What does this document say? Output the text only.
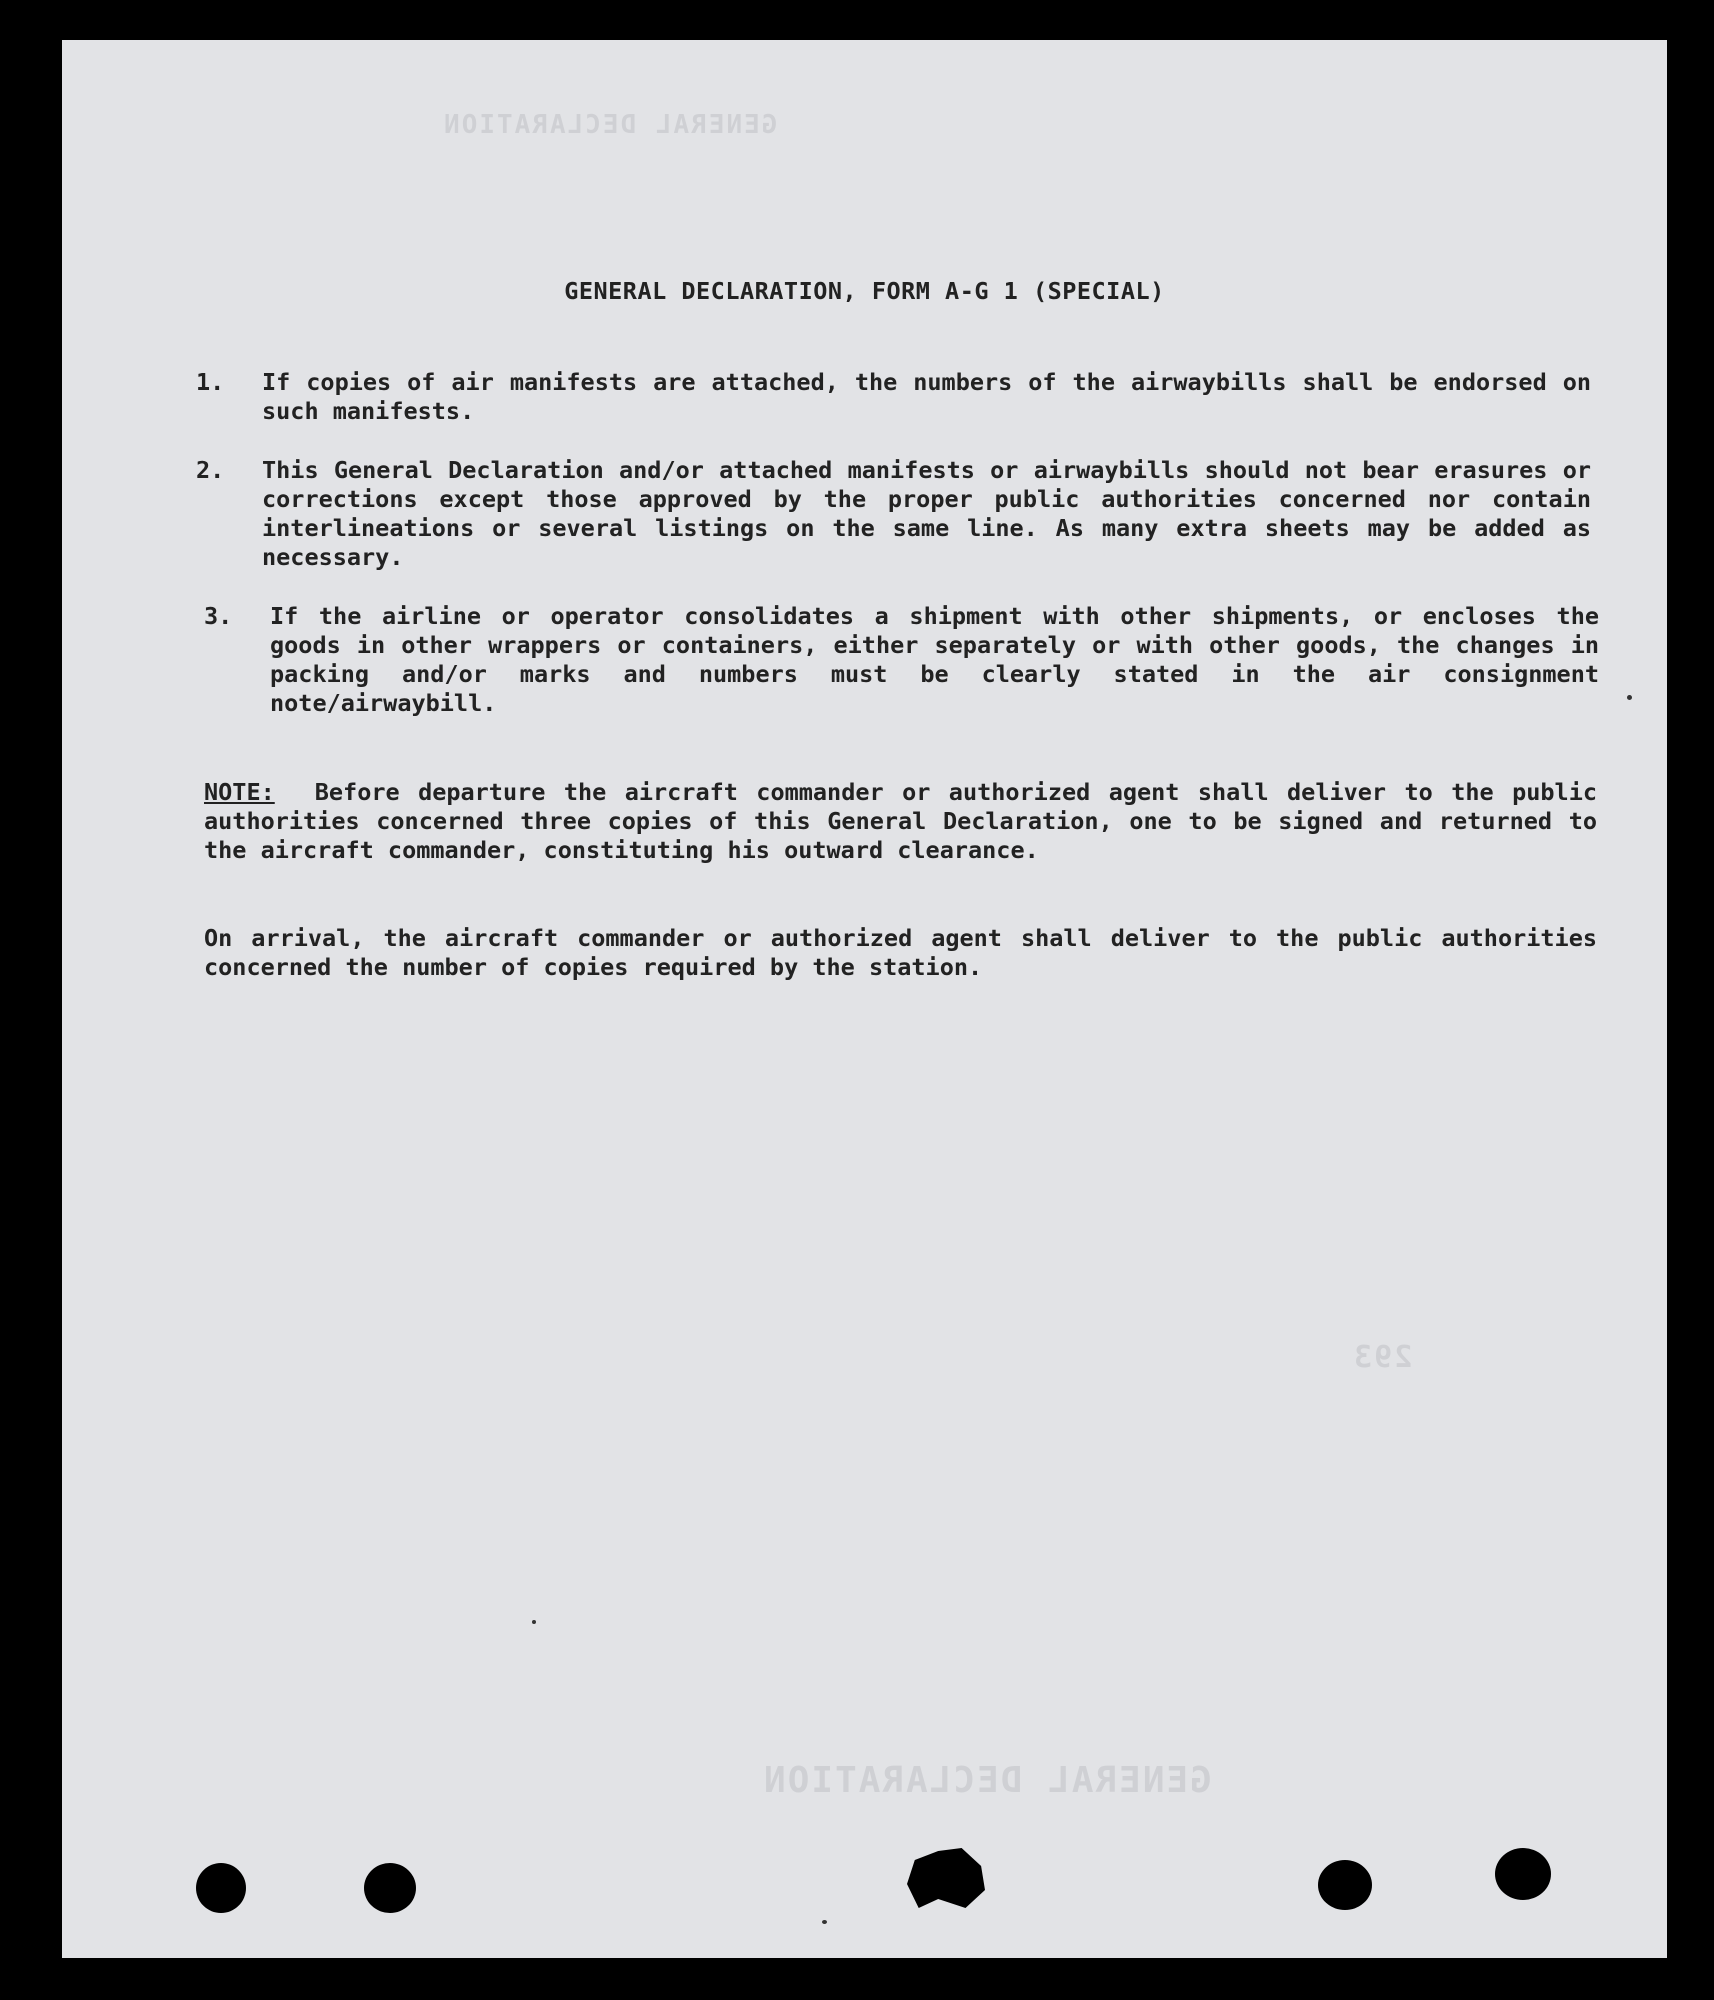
GENERAL DECLARATION
GENERAL DECLARATION
293
GENERAL DECLARATION, FORM A-G 1 (SPECIAL)
1. If copies of air manifests are attached, the numbers of the airwaybills shall be endorsed on such manifests.
2. This General Declaration and/or attached manifests or airwaybills should not bear erasures or corrections except those approved by the proper public authorities concerned nor contain interlineations or several listings on the same line. As many extra sheets may be added as necessary.
3. If the airline or operator consolidates a shipment with other shipments, or encloses the goods in other wrappers or containers, either separately or with other goods, the changes in packing and/or marks and numbers must be clearly stated in the air consignment note/airwaybill.
NOTE: Before departure the aircraft commander or authorized agent shall deliver to the public authorities concerned three copies of this General Declaration, one to be signed and returned to the aircraft commander, constituting his outward clearance.
On arrival, the aircraft commander or authorized agent shall deliver to the public authorities concerned the number of copies required by the station.
